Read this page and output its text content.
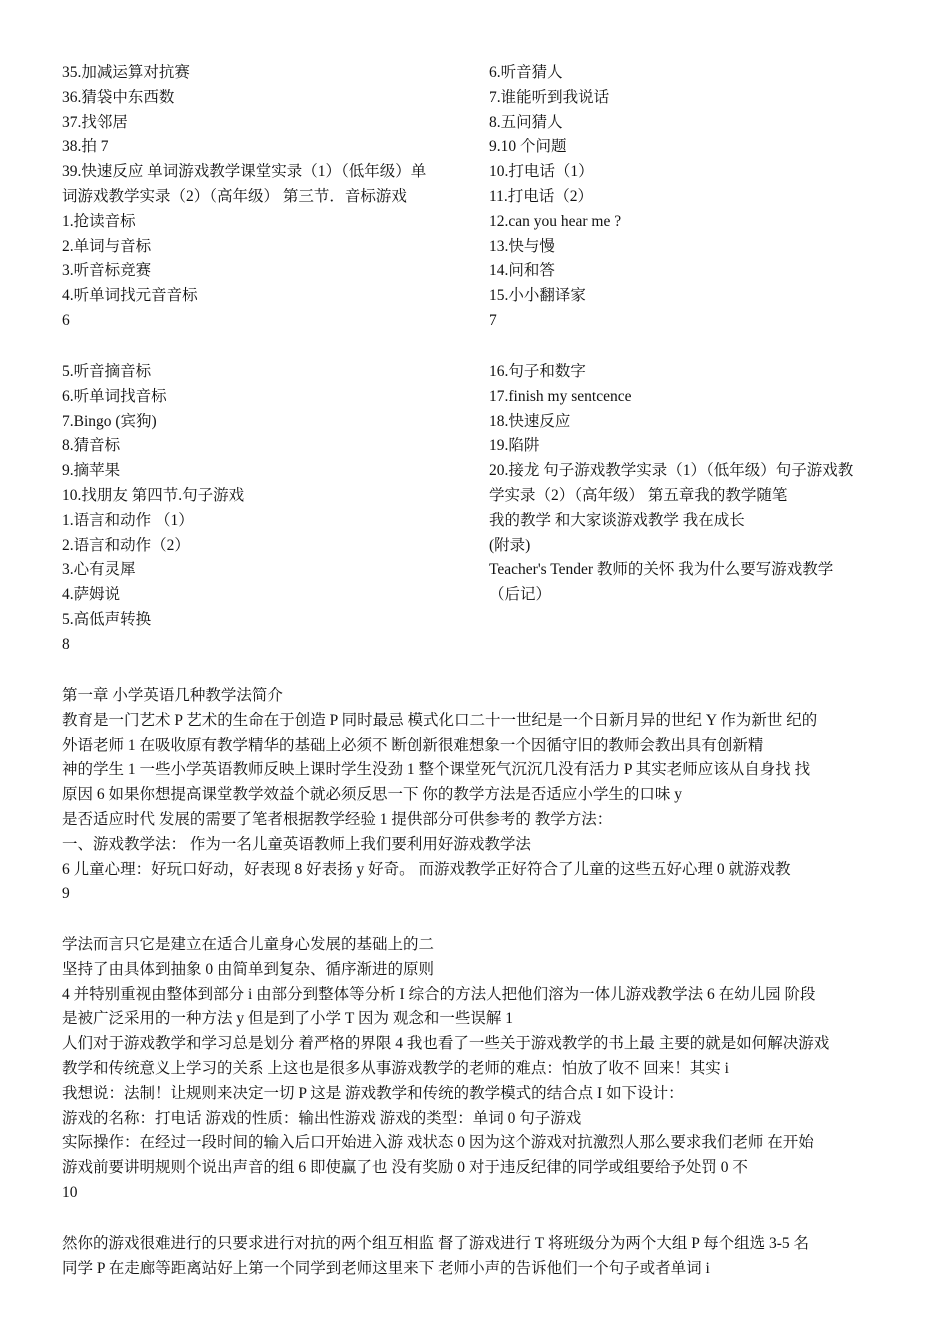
35.加减运算对抗赛
36.猜袋中东西数
37.找邻居
38.拍 7
39.快速反应 单词游戏教学课堂实录（1）（低年级）单
词游戏教学实录（2）（高年级） 第三节．音标游戏
1.抢读音标
2.单词与音标
3.听音标竞赛
4.听单词找元音音标
6
6.听音猜人
7.谁能听到我说话
8.五问猜人
9.10 个问题
10.打电话（1）
11.打电话（2）
12.can you hear me ?
13.快与慢
14.问和答
15.小小翻译家
7
5.听音摘音标
6.听单词找音标
7.Bingo (宾狗)
8.猜音标
9.摘苹果
10.找朋友 第四节.句子游戏
1.语言和动作 （1）
2.语言和动作（2）
3.心有灵犀
4.萨姆说
5.高低声转换
8
16.句子和数字
17.finish my sentcence
18.快速反应
19.陷阱
20.接龙 句子游戏教学实录（1）（低年级）句子游戏教
学实录（2）（高年级） 第五章我的教学随笔
我的教学 和大家谈游戏教学 我在成长
(附录)
Teacher's Tender 教师的关怀 我为什么要写游戏教学
（后记）
第一章 小学英语几种教学法简介
教育是一门艺术 P 艺术的生命在于创造 P 同时最忌 模式化口二十一世纪是一个日新月异的世纪 Y 作为新世 纪的
外语老师 1 在吸收原有教学精华的基础上必须不 断创新很难想象一个因循守旧的教师会教出具有创新精
神的学生 1 一些小学英语教师反映上课时学生没劲 1 整个课堂死气沉沉几没有活力 P 其实老师应该从自身找 找
原因 6 如果你想提高课堂教学效益个就必须反思一下 你的教学方法是否适应小学生的口味 y
是否适应时代 发展的需要了笔者根据教学经验 1 提供部分可供参考的 教学方法：
一、游戏教学法： 作为一名儿童英语教师上我们要利用好游戏教学法
6 儿童心理：好玩口好动，好表现 8 好表扬 y 好奇。 而游戏教学正好符合了儿童的这些五好心理 0 就游戏教
9
学法而言只它是建立在适合儿童身心发展的基础上的二
坚持了由具体到抽象 0 由简单到复杂、循序渐进的原则
4 并特别重视由整体到部分 i 由部分到整体等分析 I 综合的方法人把他们溶为一体儿游戏教学法 6 在幼儿园 阶段
是被广泛采用的一种方法 y 但是到了小学 T 因为 观念和一些误解 1
人们对于游戏教学和学习总是划分 着严格的界限 4 我也看了一些关于游戏教学的书上最 主要的就是如何解决游戏
教学和传统意义上学习的关系 上这也是很多从事游戏教学的老师的难点：怕放了收不 回来！其实 i
我想说：法制！让规则来决定一切 P 这是 游戏教学和传统的教学模式的结合点 I 如下设计：
游戏的名称：打电话 游戏的性质：输出性游戏 游戏的类型：单词 0 句子游戏
实际操作：在经过一段时间的输入后口开始进入游 戏状态 0 因为这个游戏对抗激烈人那么要求我们老师 在开始
游戏前要讲明规则个说出声音的组 6 即使赢了也 没有奖励 0 对于违反纪律的同学或组要给予处罚 0 不
10
然你的游戏很难进行的只要求进行对抗的两个组互相监 督了游戏进行 T 将班级分为两个大组 P 每个组选 3-5 名
同学 P 在走廊等距离站好上第一个同学到老师这里来下 老师小声的告诉他们一个句子或者单词 i
